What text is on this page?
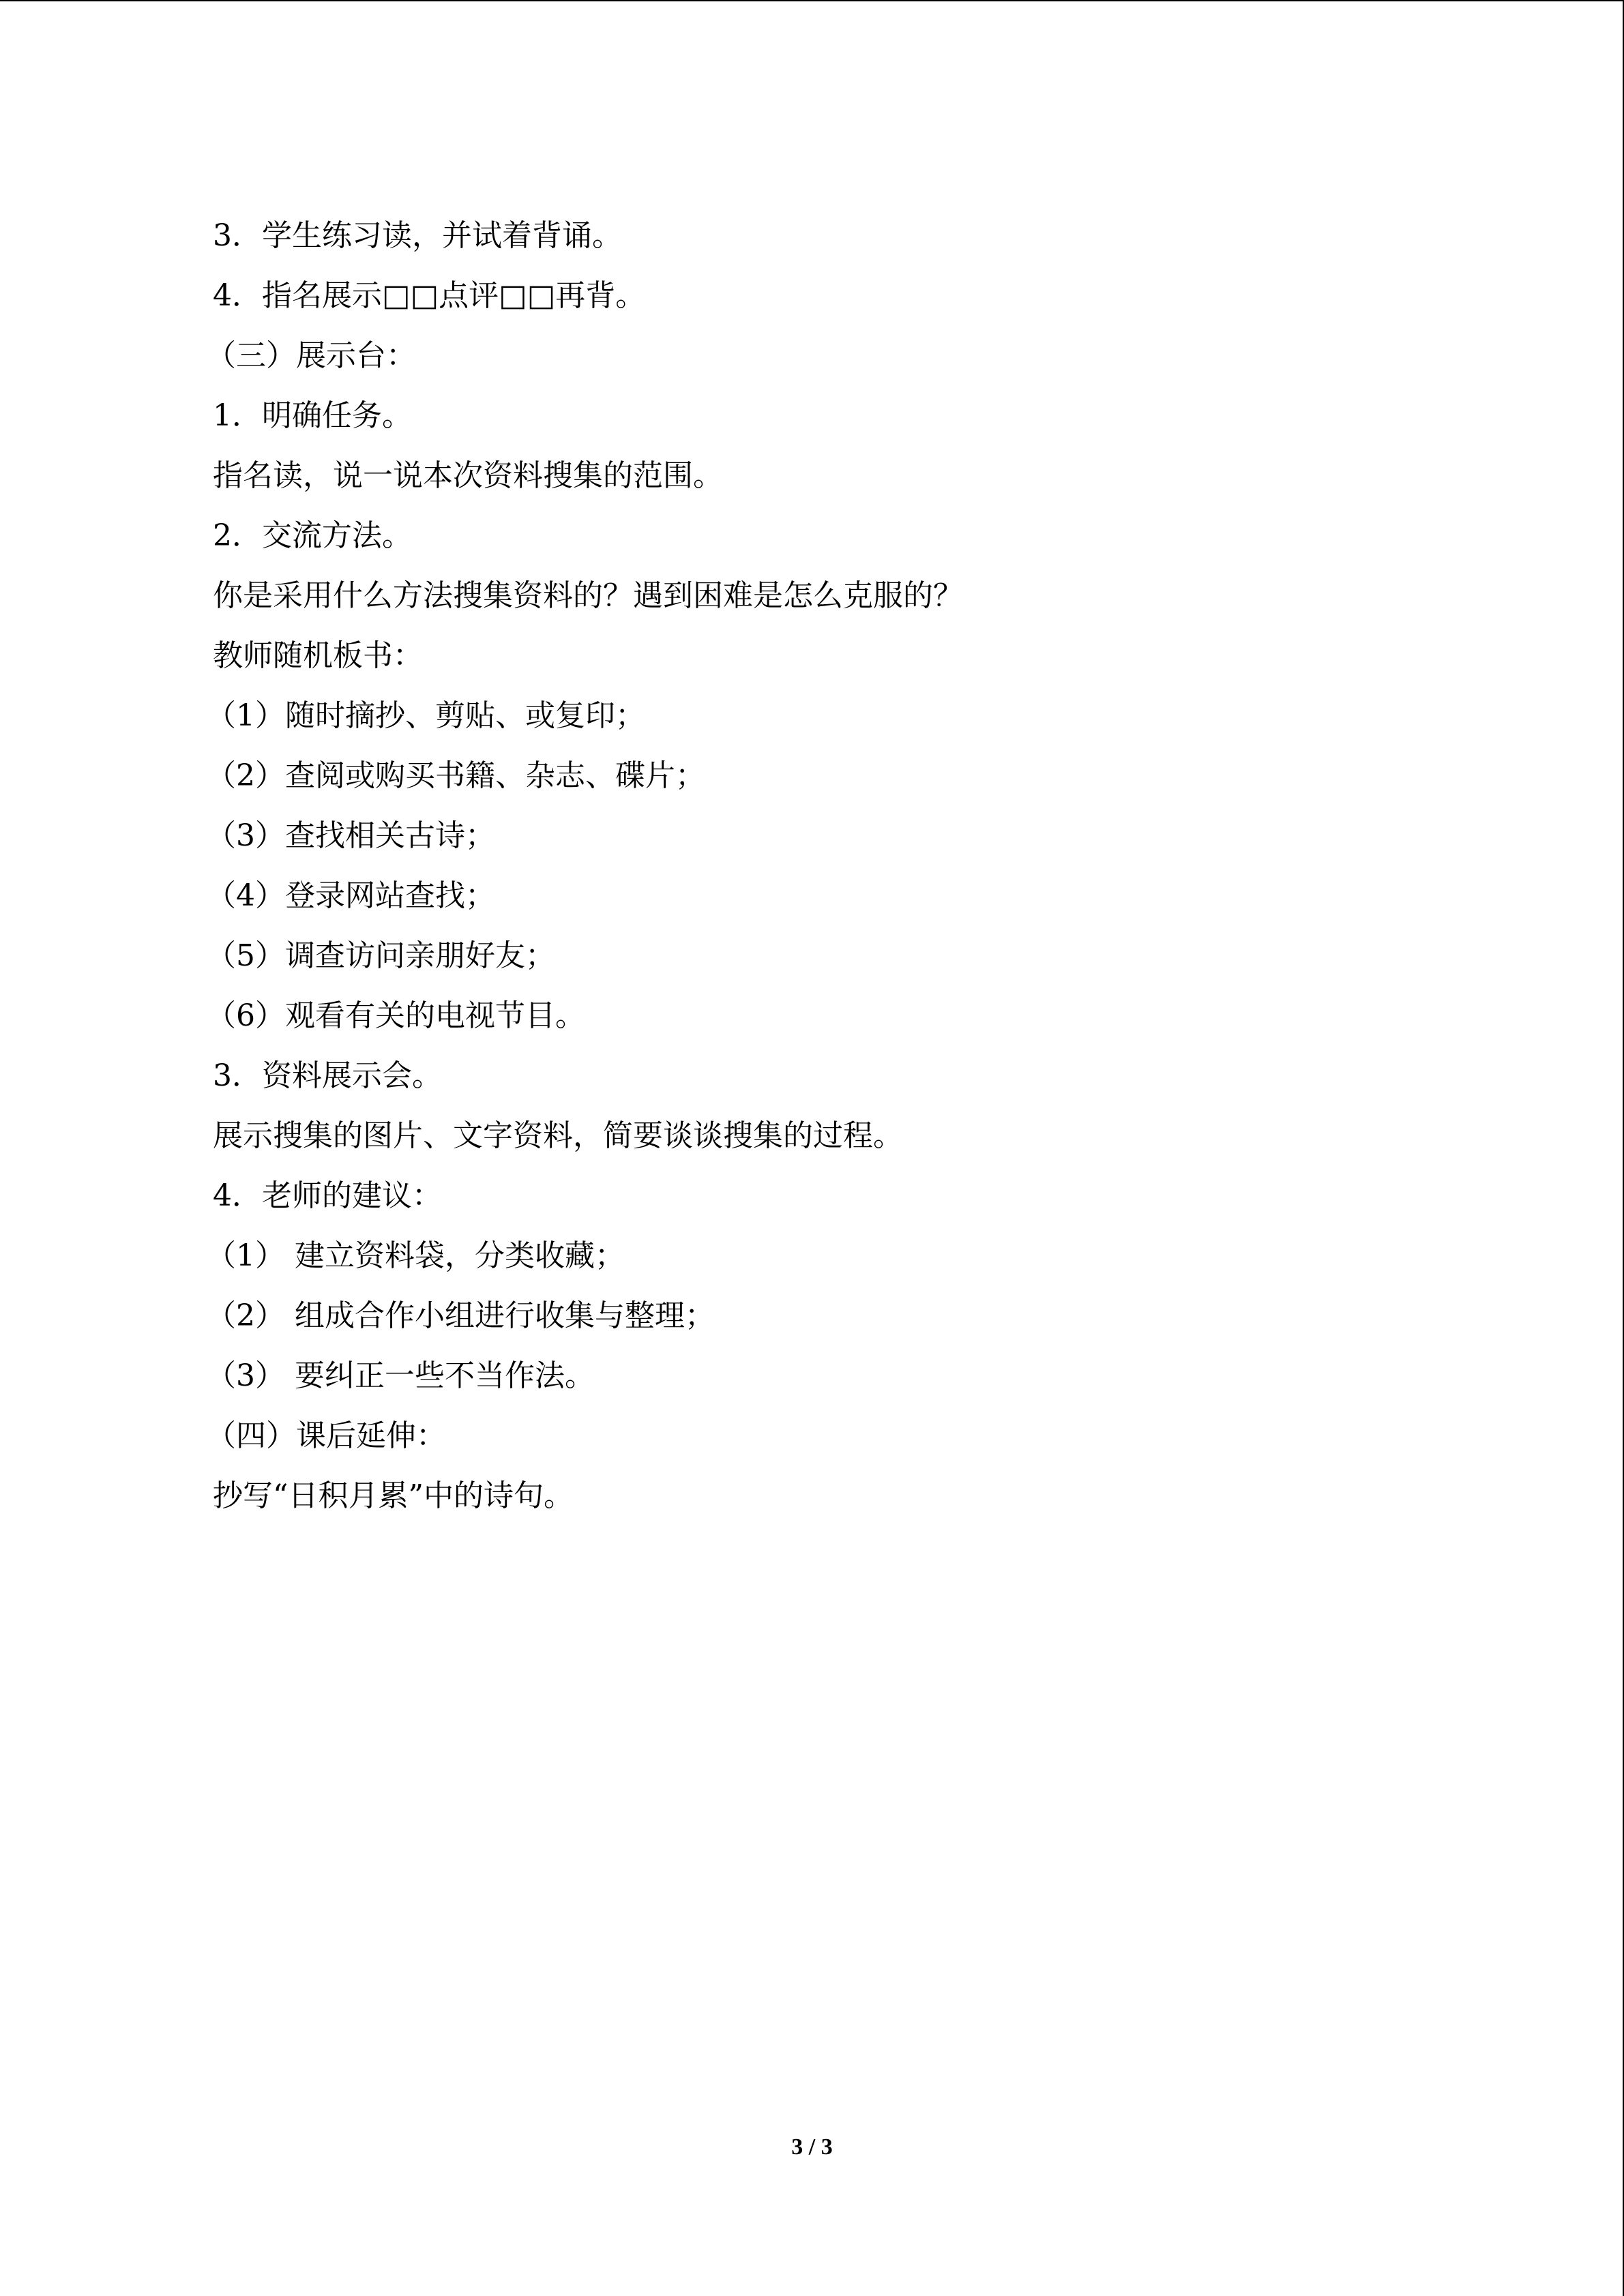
3．学生练习读，并试着背诵。
4．指名展示□□点评□□再背。
（三）展示台：
1．明确任务。
指名读，说一说本次资料搜集的范围。
2．交流方法。
你是采用什么方法搜集资料的？遇到困难是怎么克服的？
教师随机板书：
（1）随时摘抄、剪贴、或复印；
（2）查阅或购买书籍、杂志、碟片；
（3）查找相关古诗；
（4）登录网站查找；
（5）调查访问亲朋好友；
（6）观看有关的电视节目。
3．资料展示会。
展示搜集的图片、文字资料，简要谈谈搜集的过程。
4．老师的建议：
（1） 建立资料袋，分类收藏；
（2） 组成合作小组进行收集与整理；
（3） 要纠正一些不当作法。
（四）课后延伸：
抄写“日积月累”中的诗句。
3 / 3
